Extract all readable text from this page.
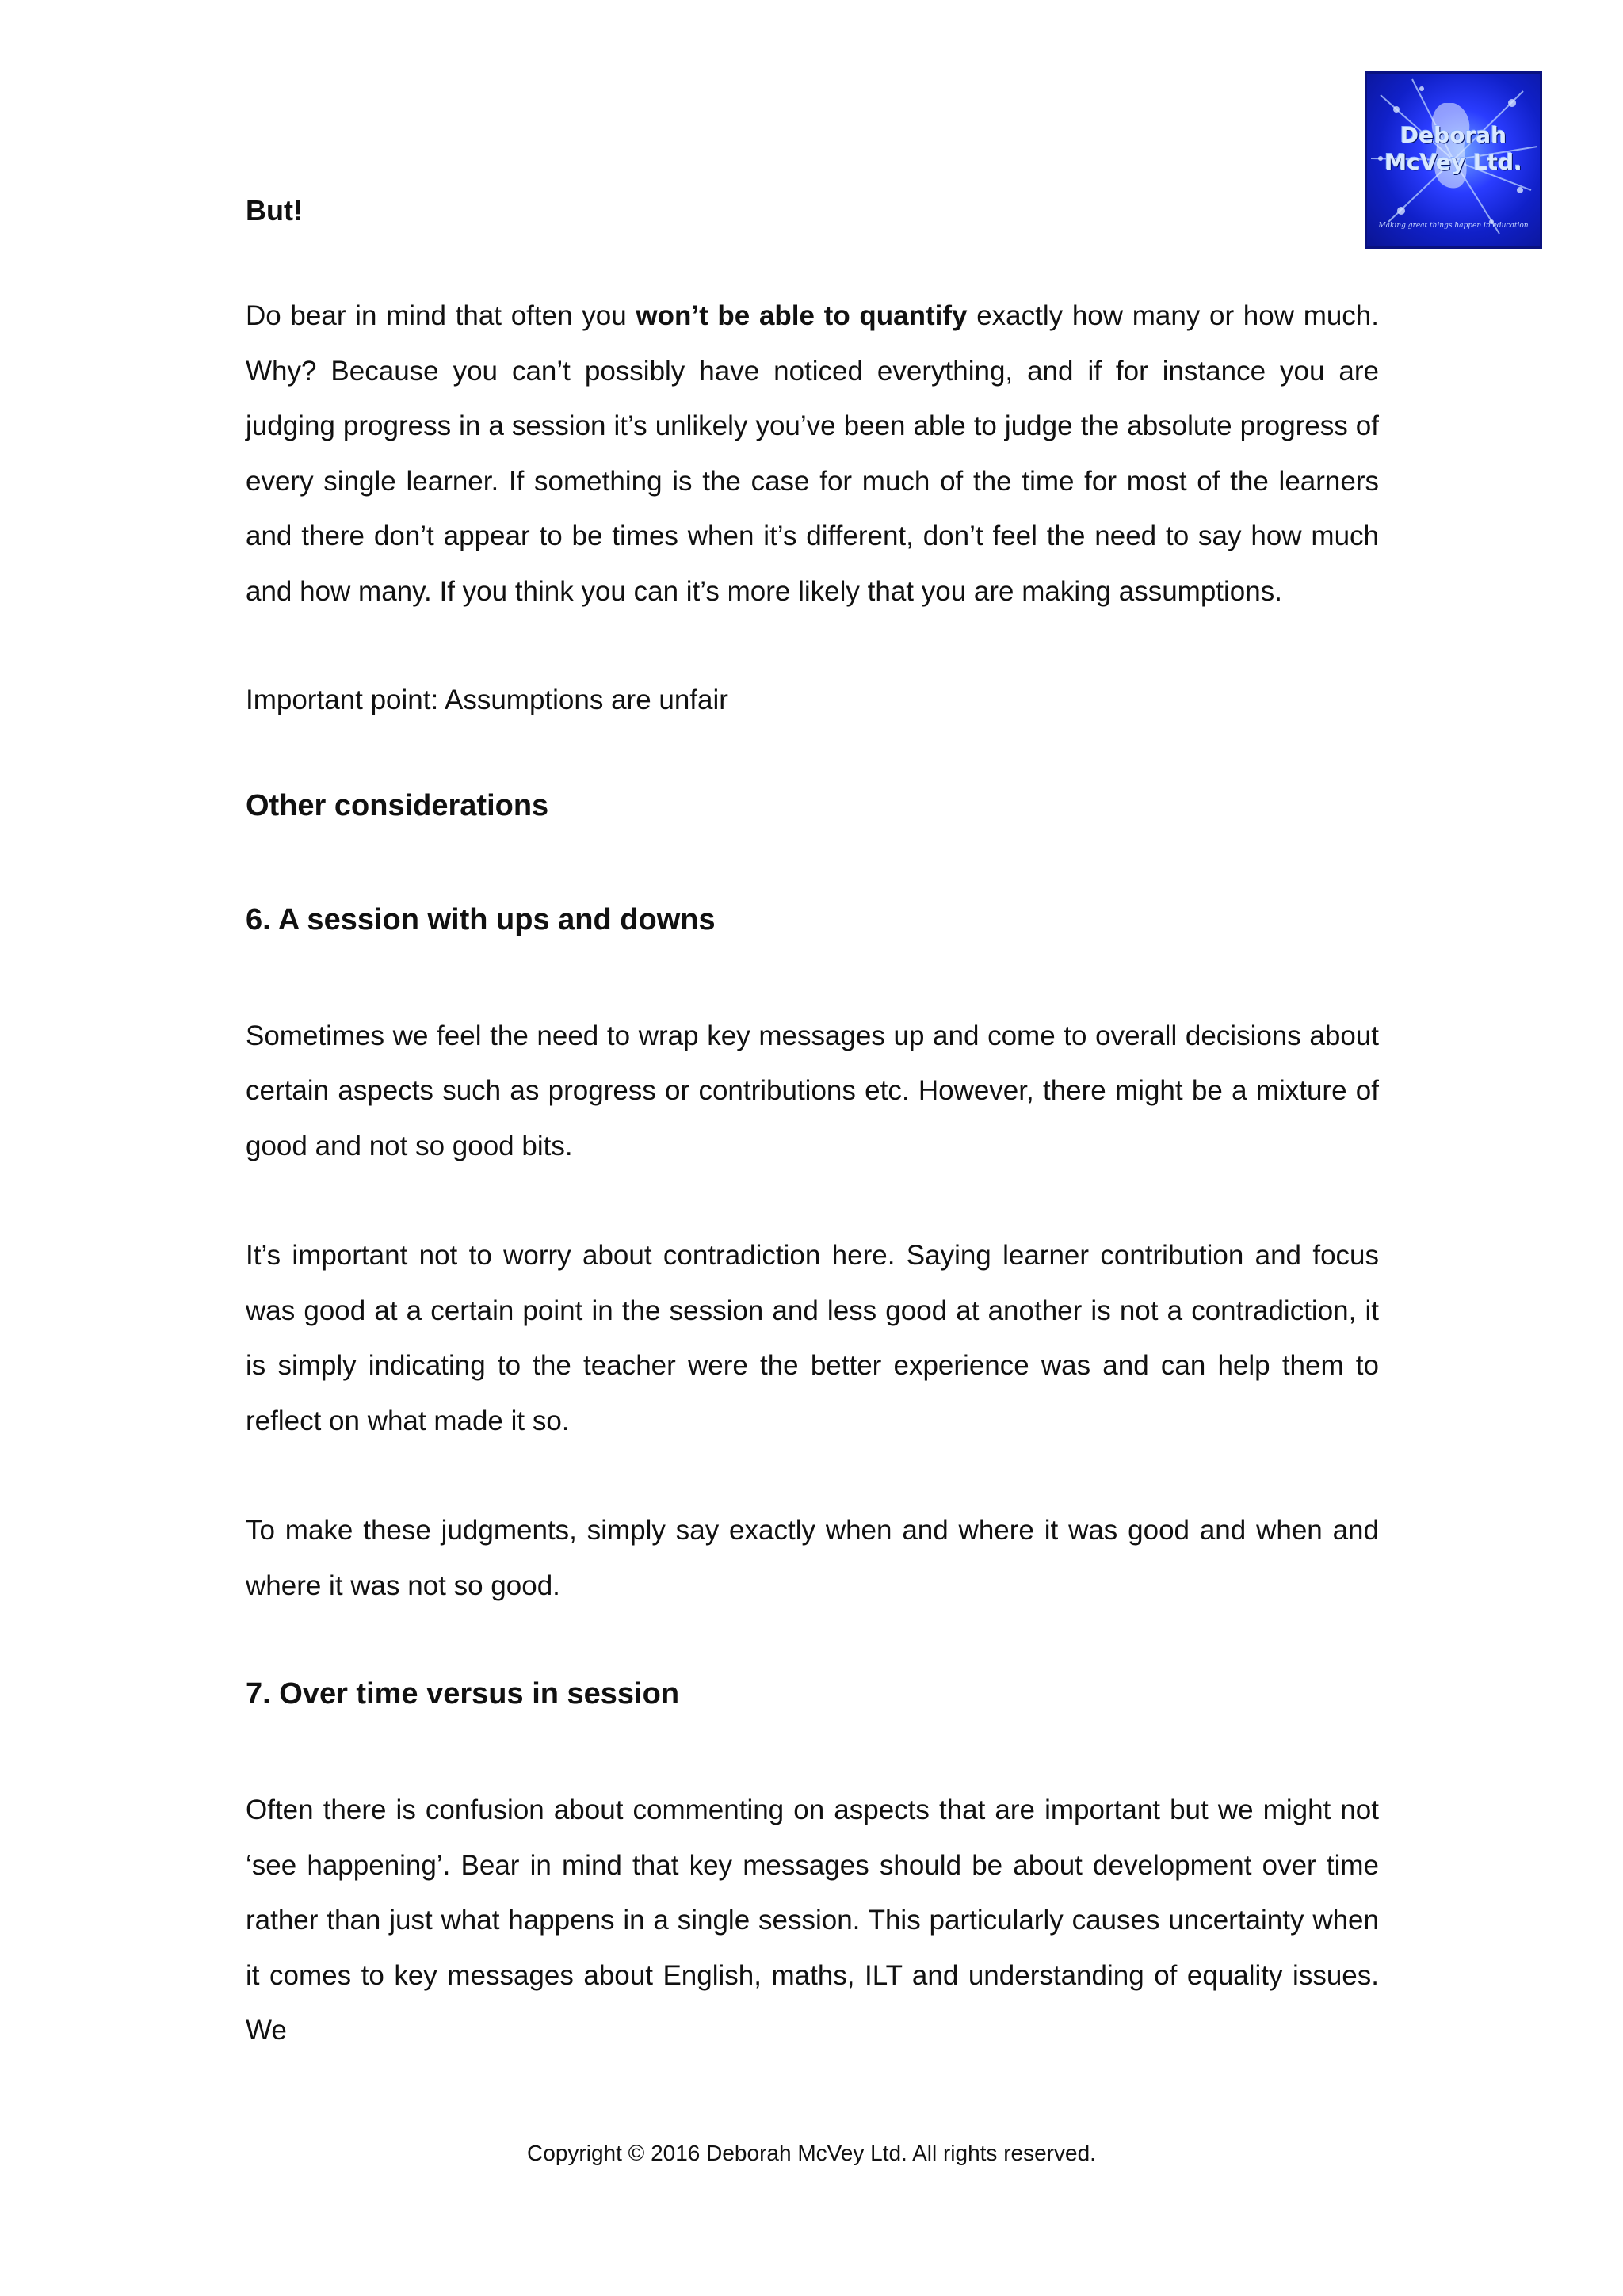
Deborah
McVey Ltd.
Making great things happen in education

But!

Do bear in mind that often you won’t be able to quantify exactly how many or how much. Why? Because you can’t possibly have noticed everything, and if for instance you are judging progress in a session it’s unlikely you’ve been able to judge the absolute progress of every single learner. If something is the case for much of the time for most of the learners and there don’t appear to be times when it’s different, don’t feel the need to say how much and how many. If you think you can it’s more likely that you are making assumptions.

Important point: Assumptions are unfair

Other considerations

6. A session with ups and downs

Sometimes we feel the need to wrap key messages up and come to overall decisions about certain aspects such as progress or contributions etc. However, there might be a mixture of good and not so good bits.

It’s important not to worry about contradiction here. Saying learner contribution and focus was good at a certain point in the session and less good at another is not a contradiction, it is simply indicating to the teacher were the better experience was and can help them to reflect on what made it so.

To make these judgments, simply say exactly when and where it was good and when and where it was not so good.

7. Over time versus in session

Often there is confusion about commenting on aspects that are important but we might not ‘see happening’. Bear in mind that key messages should be about development over time rather than just what happens in a single session. This particularly causes uncertainty when it comes to key messages about English, maths, ILT and understanding of equality issues. We

Copyright © 2016 Deborah McVey Ltd. All rights reserved.
